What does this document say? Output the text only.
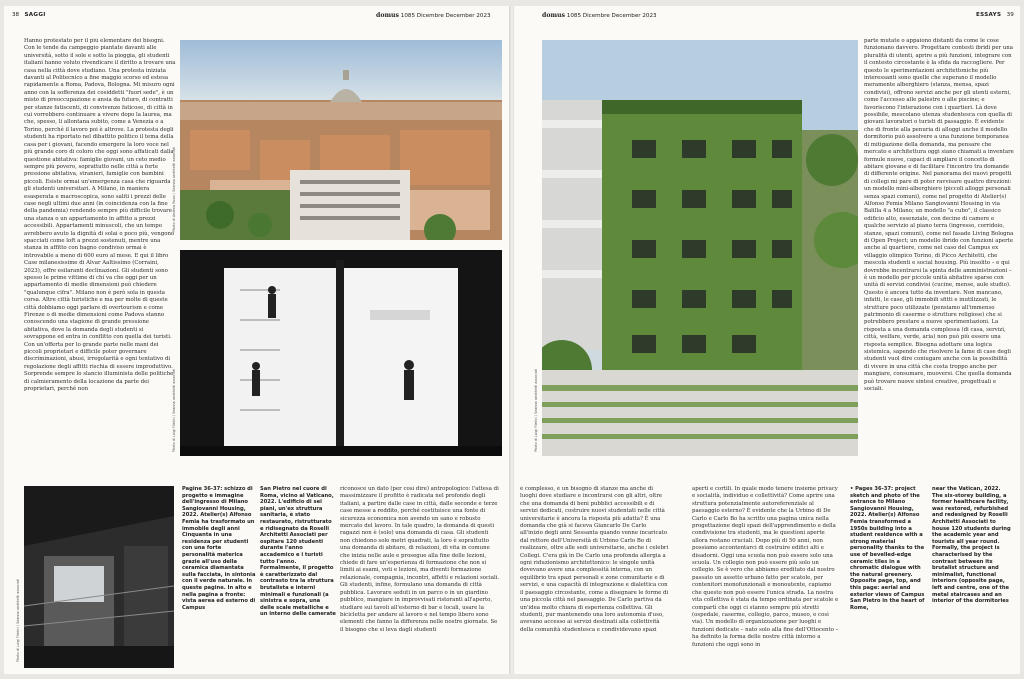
38 SAGGI	domus 1085 Dicembre December 2023

Hanno protestato per il più elementare dei bisogni. Con le tende da campeggio piantate davanti alle università, sotto il sole e sotto la pioggia, gli studenti italiani hanno voluto rivendicare il diritto a trovare una casa nella città dove studiano. Una protesta iniziata davanti al Politecnico a fine maggio scorso ed estesa rapidamente a Roma, Padova, Bologna. Mi misuro ogni anno con la sofferenza dei cosiddetti "fuori sede", è un misto di preoccupazione e ansia da futuro, di contratti per stanze fatiscenti, di convivenze faticose, di città in cui vorrebbero continuare a vivere dopo la laurea, ma che, spesso, li allontana subito, come a Venezia o a Torino, perché il lavoro poi è altrove. La protesta degli studenti ha riportato nel dibattito politico il tema della casa per i giovani, facendo emergere la loro voce nel più grande coro di coloro che oggi sono affaticati dalla questione abitativa: famiglie giovani, un ceto medio sempre più povero, soprattutto nelle città a forte pressione abitativa, stranieri, famiglie con bambini piccoli. Esiste ormai un'emergenza casa che riguarda gli studenti universitari. A Milano, in maniera esasperata e macroscopica, sono saliti i prezzi delle case negli ultimi due anni (in coincidenza con la fine della pandemia) rendendo sempre più difficile trovare una stanza o un appartamento in affitto a prezzi accessibili. Appartamenti minuscoli, che un tempo avrebbero avuto la dignità di solai o poco più, vengono spacciati come loft a prezzi sostenuti, mentre una stanza in affitto con bagno condiviso ormai è introvabile a meno di 600 euro al mese. E qui il libro Case milanesissime di Alvar Aaltissimo (Corraini, 2023), offre esilaranti declinazioni. Gli studenti sono spesso le prime vittime di chi va che oggi per un appartamento di medie dimensioni può chiedere "qualunque cifra". Milano non è però sola in questa corsa. Altre città turistiche e ma per molte di queste città dobbiamo oggi parlare di overtourism e come Firenze o di medie dimensioni come Padova stanno conoscendo una stagione di grande pressione abitativa, dove la domanda degli studenti si sovrappone ed entra in conflitto con quella dei turisti. Con un'offerta per lo grande parte nelle mani dei piccoli proprietari e difficile poter governare discriminazioni, abusi, irregolarità e ogni tentativo di regolazione degli affitti rischia di essere improduttivo. Sorprende sempre lo slancio illuminista delle politiche di calmieramento della locazione da parte dei proprietari, perché non

Photo di Andrea Rossi / Seanna architetti associati
Photo di Luigi Filetici / Seanna architetti associati
Photo di Luigi Filetici / Seanna architetti associati
Pagine 36-37: schizzo di progetto e immagine dell'ingresso di Milano Sangiovanni Housing, 2022. Atelier(s) Alfonso Femia ha trasformato un immobile degli anni Cinquanta in una residenza per studenti con una forte personalità materica grazie all'uso della ceramica diamantata sulla facciata, in sintonia con il verde naturale. In queste pagine. In alto e nella pagina a fronte: vista aerea ed esterno di Campus
San Pietro nel cuore di Roma, vicino al Vaticano, 2022. L'edificio di sei piani, un'ex struttura sanitaria, è stato restaurato, ristrutturato e ridisegnato da Roselli Architetti Associati per ospitare 120 studenti durante l'anno accademico e i turisti tutto l'anno. Formalmente, il progetto è caratterizzato dal contrasto tra la struttura brutalista e interni minimali e funzionali (a sinistra e sopra, una delle scale metalliche e un interno delle camerate

riconosce un dato (per così dire) antropologico: l'attesa di massimizzare il profitto è radicata nel profondo degli italiani, a partire dalle case in città, dalle seconde e terze case messe a reddito, perché costituisce una fonte di sicurezza economica non avendo un sano e robusto mercato del lavoro. In tale quadro, la domanda di questi ragazzi non è (solo) una domanda di casa. Gli studenti non chiedono solo metri quadrati, la loro è soprattutto una domanda di abitare, di relazioni, di vita in comune che inizia nelle aule e prosegue alla fine delle lezioni, chiede di fare un'esperienza di formazione che non si limiti ai esami, voti e lezioni, ma diventi formazione relazionale, compagnia, incontri, affetti e relazioni sociali. Gli studenti, infine, formulano una domanda di città pubblica. Lavorare seduti in un parco o in un giardino pubblico, mangiare in improvvisati ristoranti all'aperto, studiare sui tavoli all'esterno di bar e locali, usare la bicicletta per andare al lavoro e nel tempo libero sono elementi che fanno la differenza nelle nostre giornate. Se il bisogno che si leva dagli studenti

domus 1085 Dicembre December 2023	ESSAYS 39
Photo di Luigi Filetici / Seanna architetti associati

parte mutate o appaiono distanti da come le cose funzionano davvero. Progettare contesti ibridi per una pluralità di utenti, aprire a più funzioni, integrare con il contesto circostante è la sfida da raccogliere. Per questo le sperimentazioni architettoniche più interessanti sono quelle che superano il modello meramente alberghiero (stanza, mensa, spazi condivisi), offrono servizi anche per gli utenti esterni, come l'accesso alle palestre o alle piscine; e favoriscono l'interazione con i quartieri. Là dove possibile, mescolano utenza studentesca con quella di giovani lavoratori o turisti di passaggio. È evidente che di fronte alla penuria di alloggi anche il modello dormitorio può assolvere a una funzione temporanea di mitigazione della domanda, ma pensare che mercato e architettura oggi siano chiamati a inventare formule nuove, capaci di ampliare il concetto di abitare giovane e di facilitare l'incontro tra domande di differente origine. Nel panorama dei nuovi progetti di collegi mi pare di poter ravvisare quattro direzioni: un modello mini-alberghiero (piccoli alloggi personali senza spazi comuni), come nel progetto di Atelier(s) Alfonso Femia Milano Sangiovanni Housing in via Balilla 4 a Milano; un modello "a cubo", il classico edificio alto, essenziale, con decine di camere e qualche servizio al piano terra (ingresso, corridoio, stanze, spazi comuni), come nel fasade Living Bologna di Open Project; un modello ibrido con funzioni aperte anche al quartiere, come nel caso del Campus ex villaggio olimpico Torino, di Picco Architetti, che mescola studenti e social housing. Più insolito – e qui dovrebbe incentrarsi la spinta delle amministrazioni – è un modello per piccole unità abitative sparse con unità di servizi condivisi (cucine, mense, aule studio). Questo è ancora tutto da inventare. Non mancano, infatti, le case, gli immobili sfitti e inutilizzati, le strutture poco utilizzate (pensiamo all'immenso patrimonio di caserme o strutture religiose) che si potrebbero prestare a nuove sperimentazioni. La risposta a una domanda complessa (di casa, servizi, città, welfare, verde, aria) non può più essere una risposta semplice. Bisogna adottare una logica sistemica, sapendo che risolvere la fame di case degli studenti vuol dire coniugare anche con la possibilità di vivere in una città che costa troppo anche per mangiare, consumare, muoversi. Che quella domanda può trovare nuove sintesi creative, progettuali e sociali.

è complesso, è un bisogno di stanze ma anche di luoghi dove studiare e incontrarsi con gli altri, oltre che una domanda di beni pubblici accessibili e di servizi dedicati, costruire nuovi studentati nelle città universitarie è ancora la risposta più adatta? È una domanda che già si faceva Giancarlo De Carlo all'inizio degli anni Sessanta quando venne incaricato dal rettore dell'Università di Urbino Carlo Bo di realizzare, oltre alle sedi universitarie, anche i celebri Collegi. C'era già in De Carlo una profonda allergia a ogni riduzionismo architettonico: le singole unità dovevano avere una complessità interna, con un equilibrio tra spazi personali e zone comunitarie e di servizi, e una capacità di integrazione e dialettica con il paesaggio circostante, come a disegnare le forme di una piccola città nel paesaggio. De Carlo partiva da un'idea molto chiara di esperienza collettiva. Gli studenti, pur mantenendo una loro autonomia d'uso, avevano accesso ai servizi destinati alla collettività della comunità studentesca e condividevano spazi

aperti e cortili. In quale modo tenere insieme privacy e socialità, individuo e collettività? Come aprire una struttura potenzialmente autoreferenziale al paesaggio esterno? È evidente che la Urbino di De Carlo e Carlo Bo ha scritto una pagina unica nella progettazione degli spazi dell'apprendimento e della condivisione tra studenti, ma le questioni aperte allora restano cruciali. Dopo più di 50 anni, non possiamo accontentarci di costruire edifici alti e disadorni. Oggi una scuola non può essere solo una scuola. Un collegio non può essere più solo un collegio. Se è vero che abbiamo ereditato dal nostro passato un assetto urbano fatto per scatole, per contenitori monofunzionali e monoutente, capiamo che questo non può essere l'unica strada. La nostra vita collettiva è stata da tempo ordinata per scatole e compartì che oggi ci stanno sempre più stretti (ospedale, caserme, collegio, parco, museo, e così via). Un modello di organizzazione per luoghi e funzioni dedicate – nato solo alla fine dell'Ottocento – ha definito la forma delle nostre città intorno a funzioni che oggi sono in

• Pages 36-37: project sketch and photo of the entrance to Milano Sangiovanni Housing, 2022. Atelier(s) Alfonso Femia transformed a 1950s building into a student residence with a strong material personality thanks to the use of bevelled-edge ceramic tiles in a chromatic dialogue with the natural greenery. Opposite page, top, and this page: aerial and exterior views of Campus San Pietro in the heart of Rome,
near the Vatican, 2022. The six-storey building, a former healthcare facility, was restored, refurbished and redesigned by Roselli Architetti Associati to house 120 students during the academic year and tourists all year round. Formally, the project is characterised by the contrast between its brutalist structure and minimalist, functional interiors (opposite page, left and centre, one of the metal staircases and an interior of the dormitories
